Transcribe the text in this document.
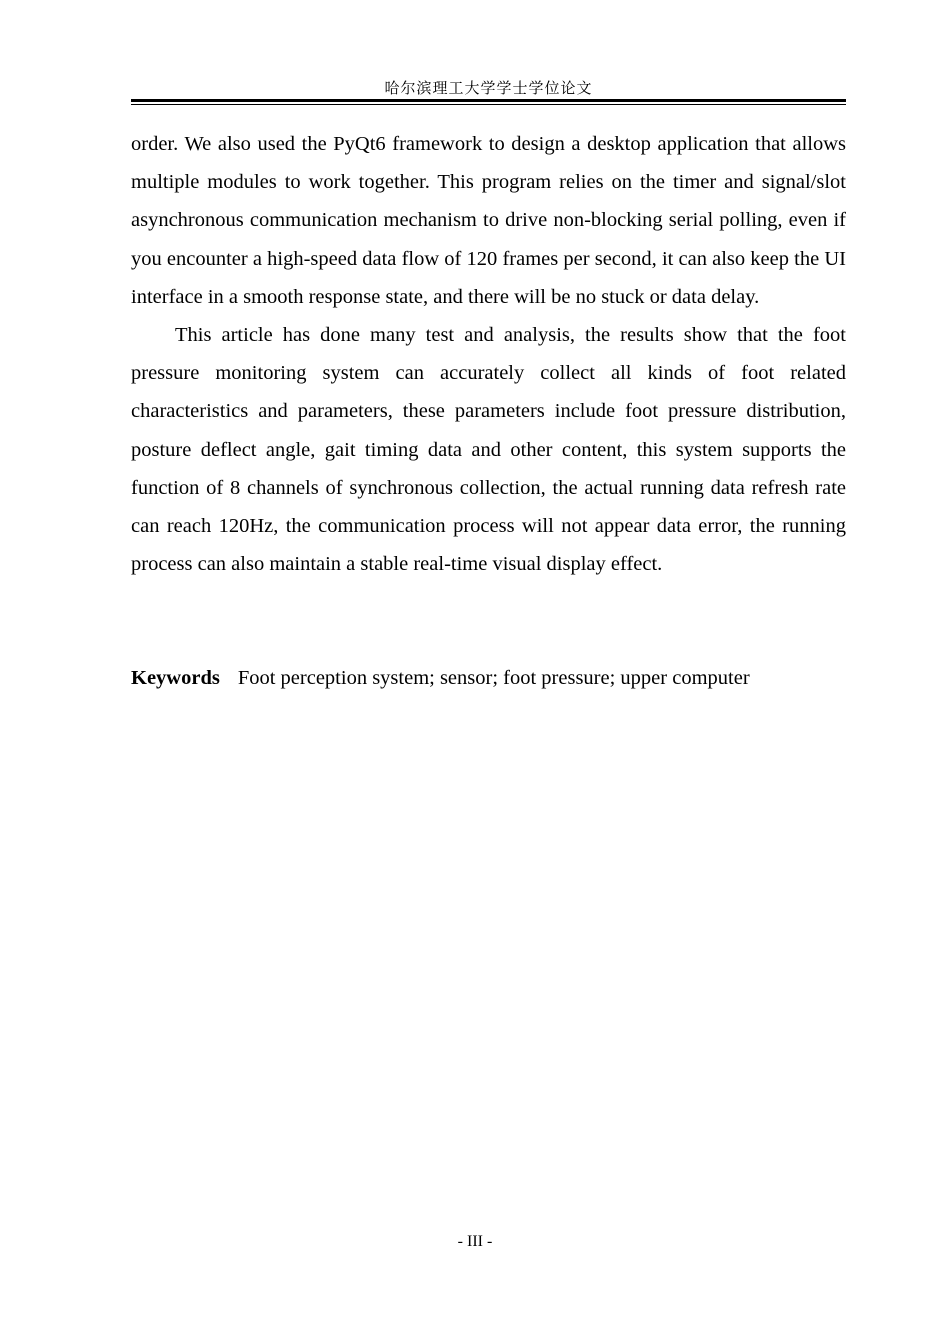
哈尔滨理工大学学士学位论文

order. We also used the PyQt6 framework to design a desktop application that allows multiple modules to work together. This program relies on the timer and signal/slot asynchronous communication mechanism to drive non-blocking serial polling, even if you encounter a high-speed data flow of 120 frames per second, it can also keep the UI interface in a smooth response state, and there will be no stuck or data delay.

This article has done many test and analysis, the results show that the foot pressure monitoring system can accurately collect all kinds of foot related characteristics and parameters, these parameters include foot pressure distribution, posture deflect angle, gait timing data and other content, this system supports the function of 8 channels of synchronous collection, the actual running data refresh rate can reach 120Hz, the communication process will not appear data error, the running process can also maintain a stable real-time visual display effect.

Keywords Foot perception system; sensor; foot pressure; upper computer
- III -
